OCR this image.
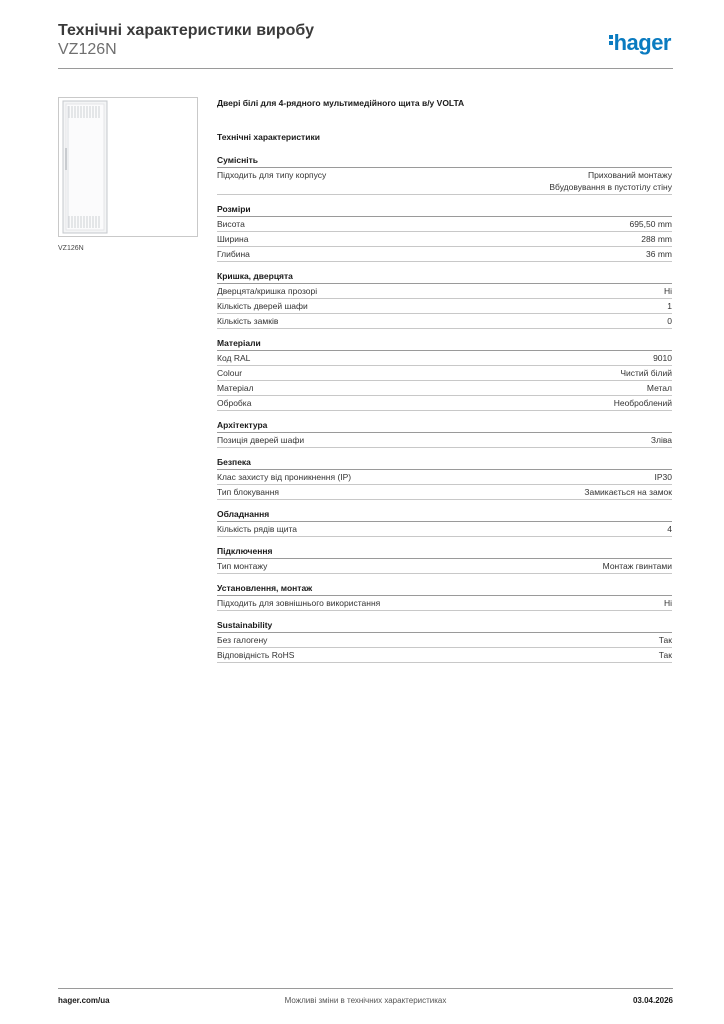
Технічні характеристики виробу
VZ126N	hager
VZ126N
Двері білі для 4-рядного мультимедійного щита в/у VOLTA
Технічні характеристики
Сумісніть
Підходить для типу корпусу	Прихований монтажу
Вбудовування в пустотілу стіну
Розміри
Висота	695,50 mm
Ширина	288 mm
Глибина	36 mm
Кришка, дверцята
Дверцята/кришка прозорі	Ні
Кількість дверей шафи	1
Кількість замків	0
Матеріали
Код RAL	9010
Colour	Чистий білий
Матеріал	Метал
Обробка	Необроблений
Архітектура
Позиція дверей шафи	Зліва
Безпека
Клас захисту від проникнення (IP)	IP30
Тип блокування	Замикається на замок
Обладнання
Кількість рядів щита	4
Підключення
Тип монтажу	Монтаж гвинтами
Установлення, монтаж
Підходить для зовнішнього використання	Ні
Sustainability
Без галогену	Так
Відповідність RoHS	Так
Можливі зміни в технічних характеристиках
hager.com/ua	03.04.2026
